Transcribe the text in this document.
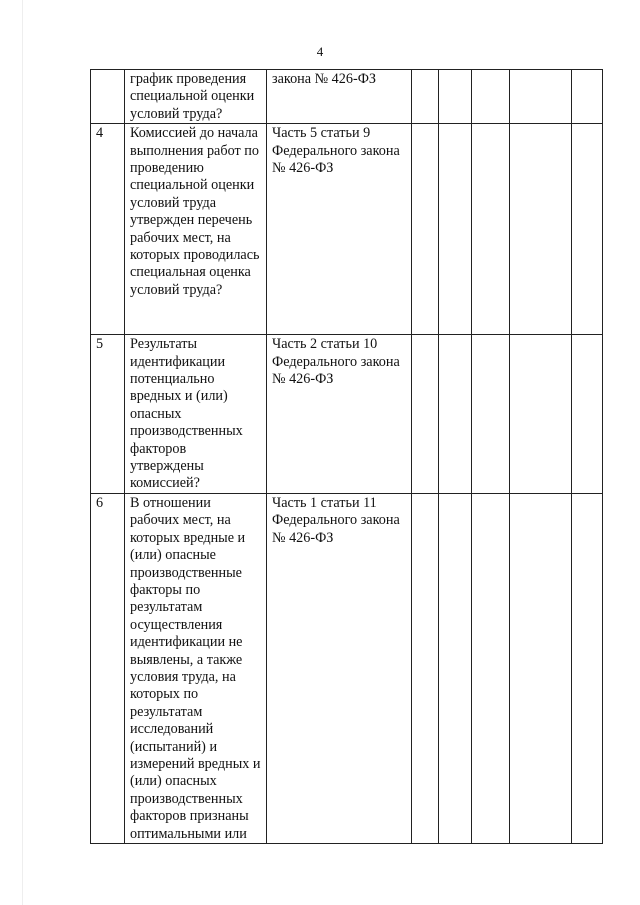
4
	график проведения специальной оценки условий труда?	закона № 426-ФЗ					
4	Комиссией до начала выполнения работ по проведению специальной оценки условий труда утвержден перечень рабочих мест, на которых проводилась специальная оценка условий труда?	Часть 5 статьи 9 Федерального закона № 426-ФЗ					
5	Результаты идентификации потенциально вредных и (или) опасных производственных факторов утверждены комиссией?	Часть 2 статьи 10 Федерального закона № 426-ФЗ					
6	В отношении рабочих мест, на которых вредные и (или) опасные производственные факторы по результатам осуществления идентификации не выявлены, а также условия труда, на которых по результатам исследований (испытаний) и измерений вредных и (или) опасных производственных факторов признаны оптимальными или	Часть 1 статьи 11 Федерального закона № 426-ФЗ					
